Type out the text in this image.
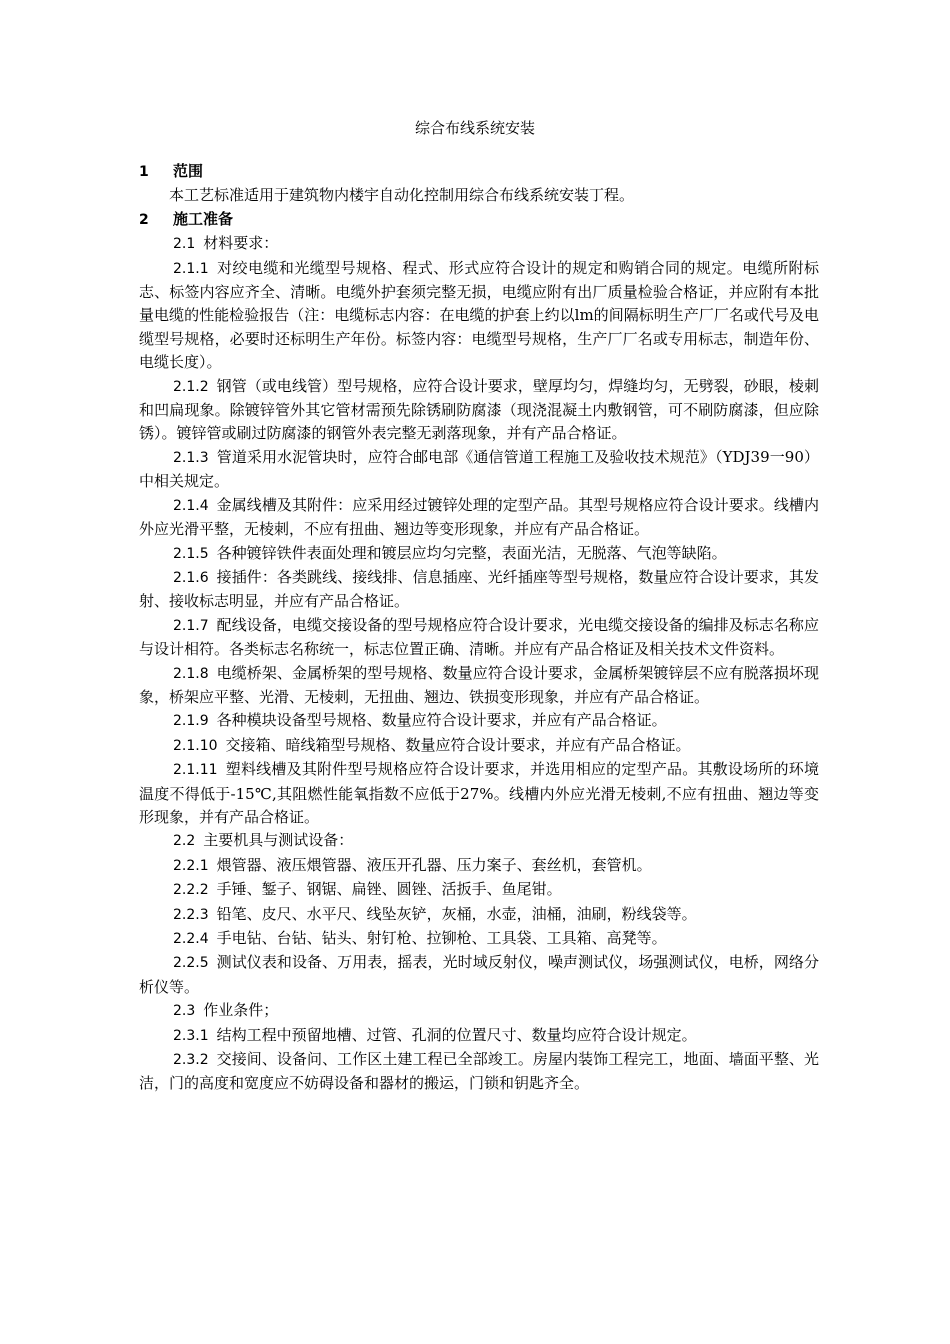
综合布线系统安装
1 范围
本工艺标准适用于建筑物内楼宇自动化控制用综合布线系统安装丁程。
2 施工准备
2.1 材料要求：
2.1.1 对绞电缆和光缆型号规格、程式、形式应符合设计的规定和购销合同的规定。电缆所附标志、标签内容应齐全、清晰。电缆外护套须完整无损，电缆应附有出厂质量检验合格证，并应附有本批量电缆的性能检验报告（注：电缆标志内容：在电缆的护套上约以lm的间隔标明生产厂厂名或代号及电缆型号规格，必要时还标明生产年份。标签内容：电缆型号规格，生产厂厂名或专用标志，制造年份、电缆长度）。
2.1.2 钢管（或电线管）型号规格，应符合设计要求，壁厚均匀，焊缝均匀，无劈裂，砂眼，棱刺和凹扁现象。除镀锌管外其它管材需预先除锈刷防腐漆（现浇混凝土内敷钢管，可不刷防腐漆，但应除锈）。镀锌管或刷过防腐漆的钢管外表完整无剥落现象，并有产品合格证。
2.1.3 管道采用水泥管块时，应符合邮电部《通信管道工程施工及验收技术规范》（YDJ39一90）中相关规定。
2.1.4 金属线槽及其附件：应采用经过镀锌处理的定型产品。其型号规格应符合设计要求。线槽内外应光滑平整，无棱刺，不应有扭曲、翘边等变形现象，并应有产品合格证。
2.1.5 各种镀锌铁件表面处理和镀层应均匀完整，表面光洁，无脱落、气泡等缺陷。
2.1.6 接插件：各类跳线、接线排、信息插座、光纤插座等型号规格，数量应符合设计要求，其发射、接收标志明显，并应有产品合格证。
2.1.7 配线设备，电缆交接设备的型号规格应符合设计要求，光电缆交接设备的编排及标志名称应与设计相符。各类标志名称统一，标志位置正确、清晰。并应有产品合格证及相关技术文件资料。
2.1.8 电缆桥架、金属桥架的型号规格、数量应符合设计要求，金属桥架镀锌层不应有脱落损坏现象，桥架应平整、光滑、无棱刺，无扭曲、翘边、铁损变形现象，并应有产品合格证。
2.1.9 各种模块设备型号规格、数量应符合设计要求，并应有产品合格证。
2.1.10 交接箱、暗线箱型号规格、数量应符合设计要求，并应有产品合格证。
2.1.11 塑料线槽及其附件型号规格应符合设计要求，并选用相应的定型产品。其敷设场所的环境温度不得低于-15℃,其阻燃性能氧指数不应低于27%。线槽内外应光滑无棱刺,不应有扭曲、翘边等变形现象，并有产品合格证。
2.2 主要机具与测试设备：
2.2.1 煨管器、液压煨管器、液压开孔器、压力案子、套丝机，套管机。
2.2.2 手锤、錾子、钢锯、扁锉、圆锉、活扳手、鱼尾钳。
2.2.3 铅笔、皮尺、水平尺、线坠灰铲，灰桶，水壶，油桶，油刷，粉线袋等。
2.2.4 手电钻、台钻、钻头、射钉枪、拉铆枪、工具袋、工具箱、高凳等。
2.2.5 测试仪表和设备、万用表，摇表，光时域反射仪，噪声测试仪，场强测试仪，电桥，网络分析仪等。
2.3 作业条件；
2.3.1 结构工程中预留地槽、过管、孔洞的位置尺寸、数量均应符合设计规定。
2.3.2 交接间、设备问、工作区土建工程已全部竣工。房屋内装饰工程完工，地面、墙面平整、光洁，门的高度和宽度应不妨碍设备和器材的搬运，门锁和钥匙齐全。
